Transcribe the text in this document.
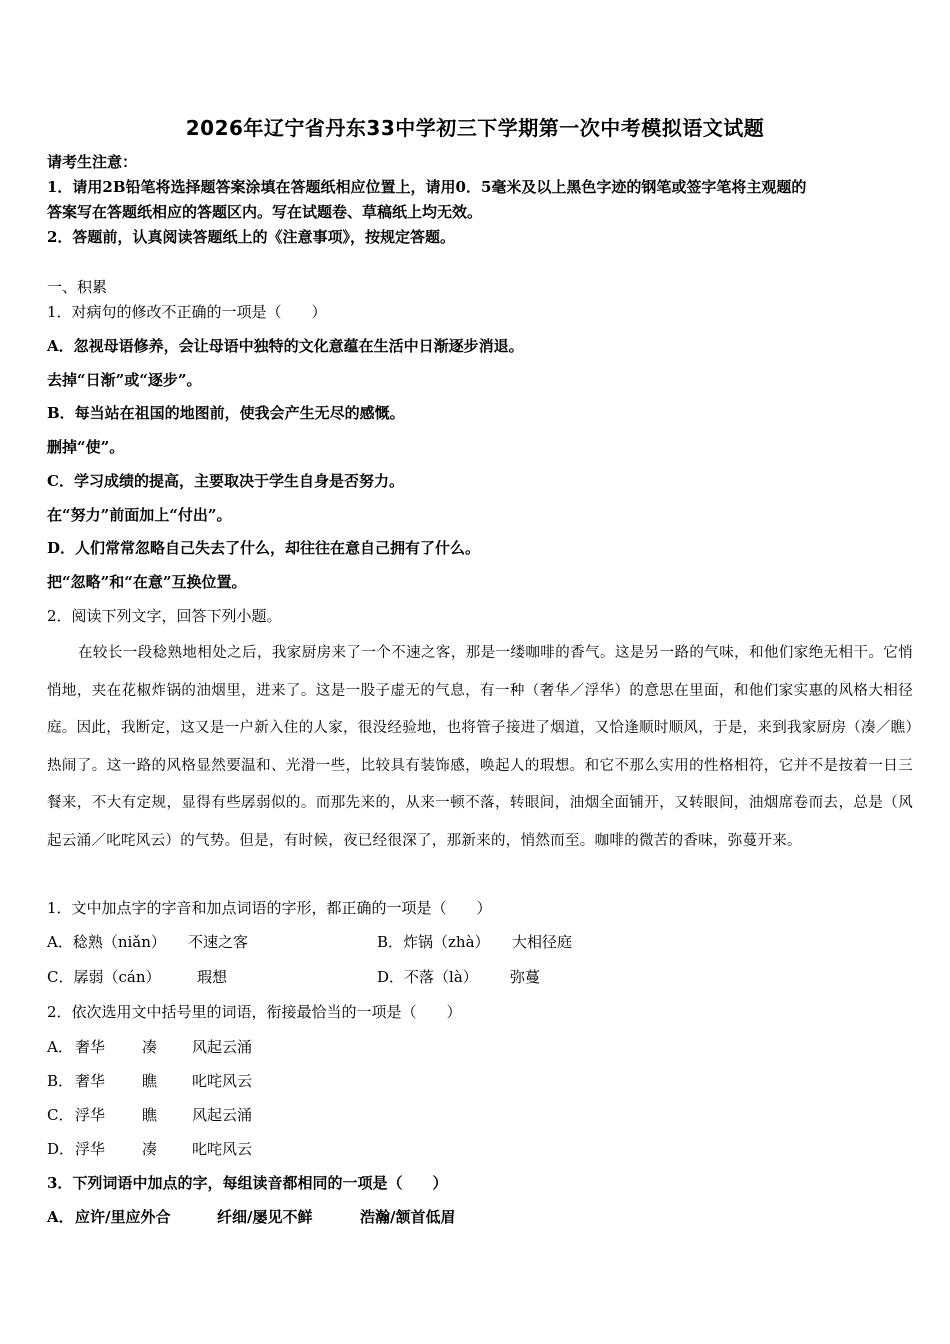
2026年辽宁省丹东33中学初三下学期第一次中考模拟语文试题
请考生注意：
1．请用2B铅笔将选择题答案涂填在答题纸相应位置上，请用0．5毫米及以上黑色字迹的钢笔或签字笔将主观题的
答案写在答题纸相应的答题区内。写在试题卷、草稿纸上均无效。
2．答题前，认真阅读答题纸上的《注意事项》，按规定答题。
一、积累
1．对病句的修改不正确的一项是（　　）
A．忽视母语修养，会让母语中独特的文化意蕴在生活中日渐逐步消退。
去掉“日渐”或“逐步”。
B．每当站在祖国的地图前，使我会产生无尽的感慨。
删掉“使”。
C．学习成绩的提高，主要取决于学生自身是否努力。
在“努力”前面加上“付出”。
D．人们常常忽略自己失去了什么，却往往在意自己拥有了什么。
把“忽略”和“在意”互换位置。
2．阅读下列文字，回答下列小题。
在较长一段稔熟地相处之后，我家厨房来了一个不速之客，那是一缕咖啡的香气。这是另一路的气味，和他们家绝无相干。它悄悄地，夹在花椒炸锅的油烟里，进来了。这是一股子虚无的气息，有一种（奢华／浮华）的意思在里面，和他们家实惠的风格大相径庭。因此，我断定，这又是一户新入住的人家，很没经验地，也将管子接进了烟道，又恰逢顺时顺风，于是，来到我家厨房（凑／瞧）热闹了。这一路的风格显然要温和、光滑一些，比较具有装饰感，唤起人的瑕想。和它不那么实用的性格相符，它并不是按着一日三餐来，不大有定规，显得有些孱弱似的。而那先来的，从来一顿不落，转眼间，油烟全面铺开，又转眼间，油烟席卷而去，总是（风起云涌／叱咤风云）的气势。但是，有时候，夜已经很深了，那新来的，悄然而至。咖啡的微苦的香味，弥蔓开来。
1．文中加点字的字音和加点词语的字形，都正确的一项是（　　）
A．稔熟（niǎn） 不速之客	B．炸锅（zhà） 大相径庭
C．孱弱（cán） 瑕想	D．不落（là） 弥蔓
2．依次选用文中括号里的词语，衔接最恰当的一项是（　　）
A． 奢华 凑 风起云涌
B． 奢华 瞧 叱咤风云
C． 浮华 瞧 风起云涌
D． 浮华 凑 叱咤风云
3．下列词语中加点的字，每组读音都相同的一项是（　　）
A． 应许/里应外合	纤细/屡见不鲜	浩瀚/颔首低眉
